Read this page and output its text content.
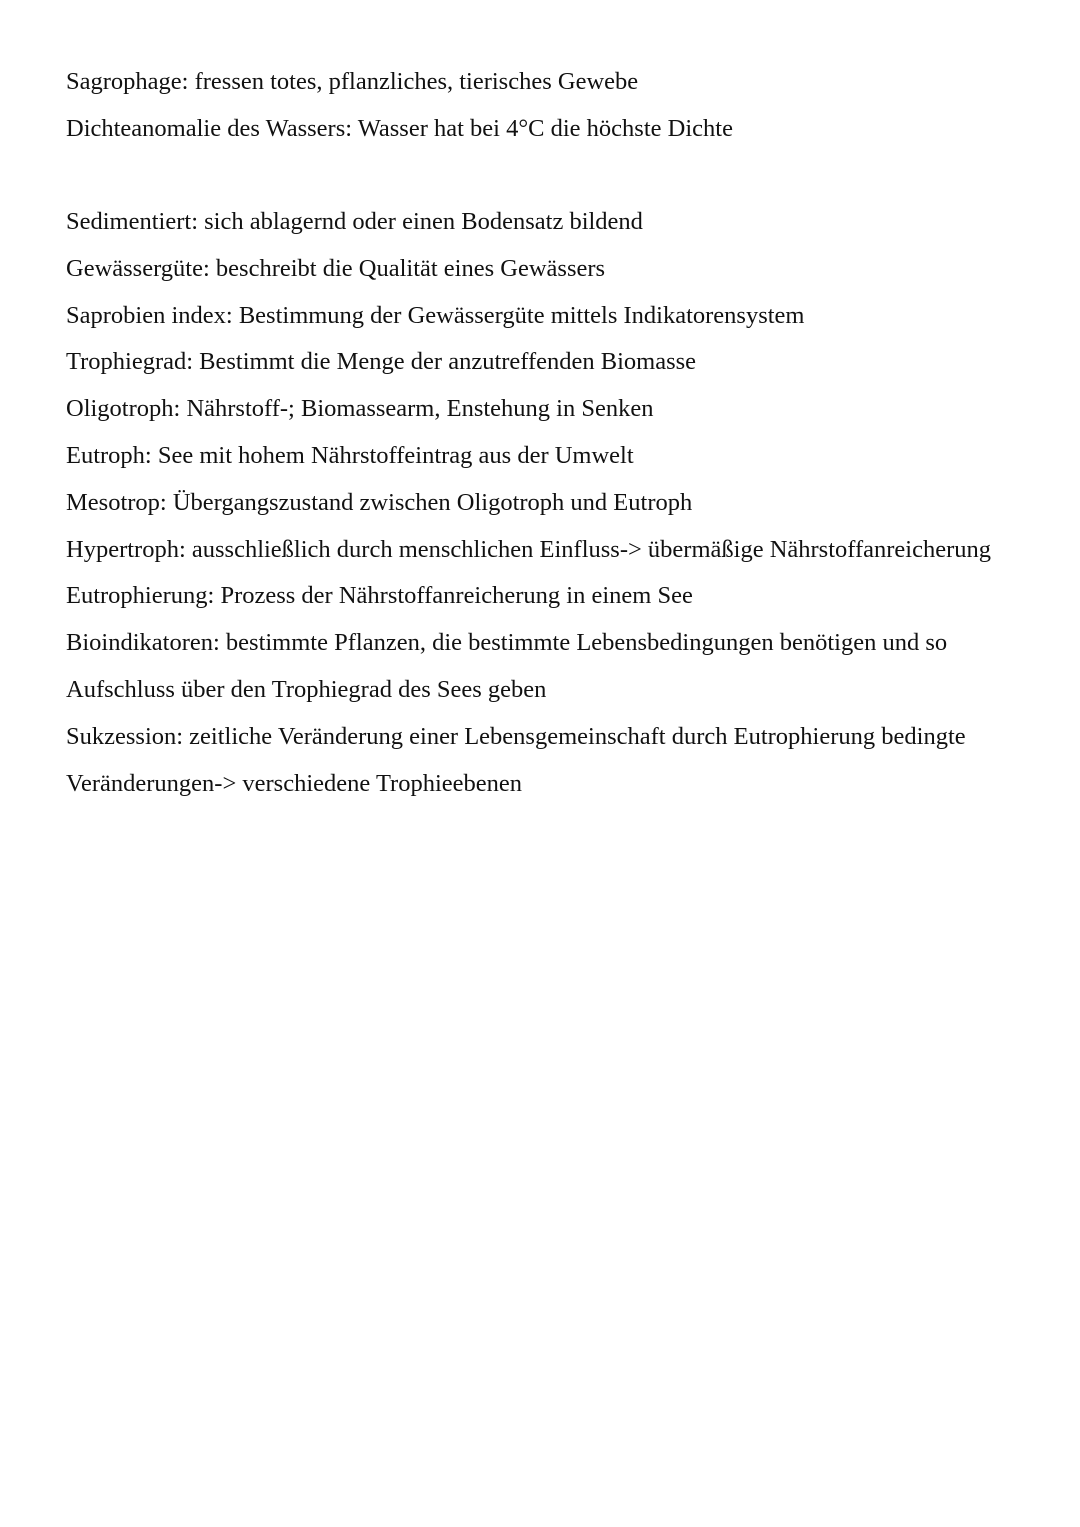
Sagrophage: fressen totes, pflanzliches, tierisches Gewebe
Dichteanomalie des Wassers: Wasser hat bei 4°C die höchste Dichte
Sedimentiert: sich ablagernd oder einen Bodensatz bildend
Gewässergüte: beschreibt die Qualität eines Gewässers
Saprobien index: Bestimmung der Gewässergüte mittels Indikatorensystem
Trophiegrad: Bestimmt die Menge der anzutreffenden Biomasse
Oligotroph: Nährstoff-; Biomassearm, Enstehung in Senken
Eutroph: See mit hohem Nährstoffeintrag aus der Umwelt
Mesotrop: Übergangszustand zwischen Oligotroph und Eutroph
Hypertroph: ausschließlich durch menschlichen Einfluss-> übermäßige Nährstoffanreicherung
Eutrophierung: Prozess der Nährstoffanreicherung in einem See
Bioindikatoren: bestimmte Pflanzen, die bestimmte Lebensbedingungen benötigen und so Aufschluss über den Trophiegrad des Sees geben
Sukzession: zeitliche Veränderung einer Lebensgemeinschaft durch Eutrophierung bedingte Veränderungen-> verschiedene Trophieebenen
